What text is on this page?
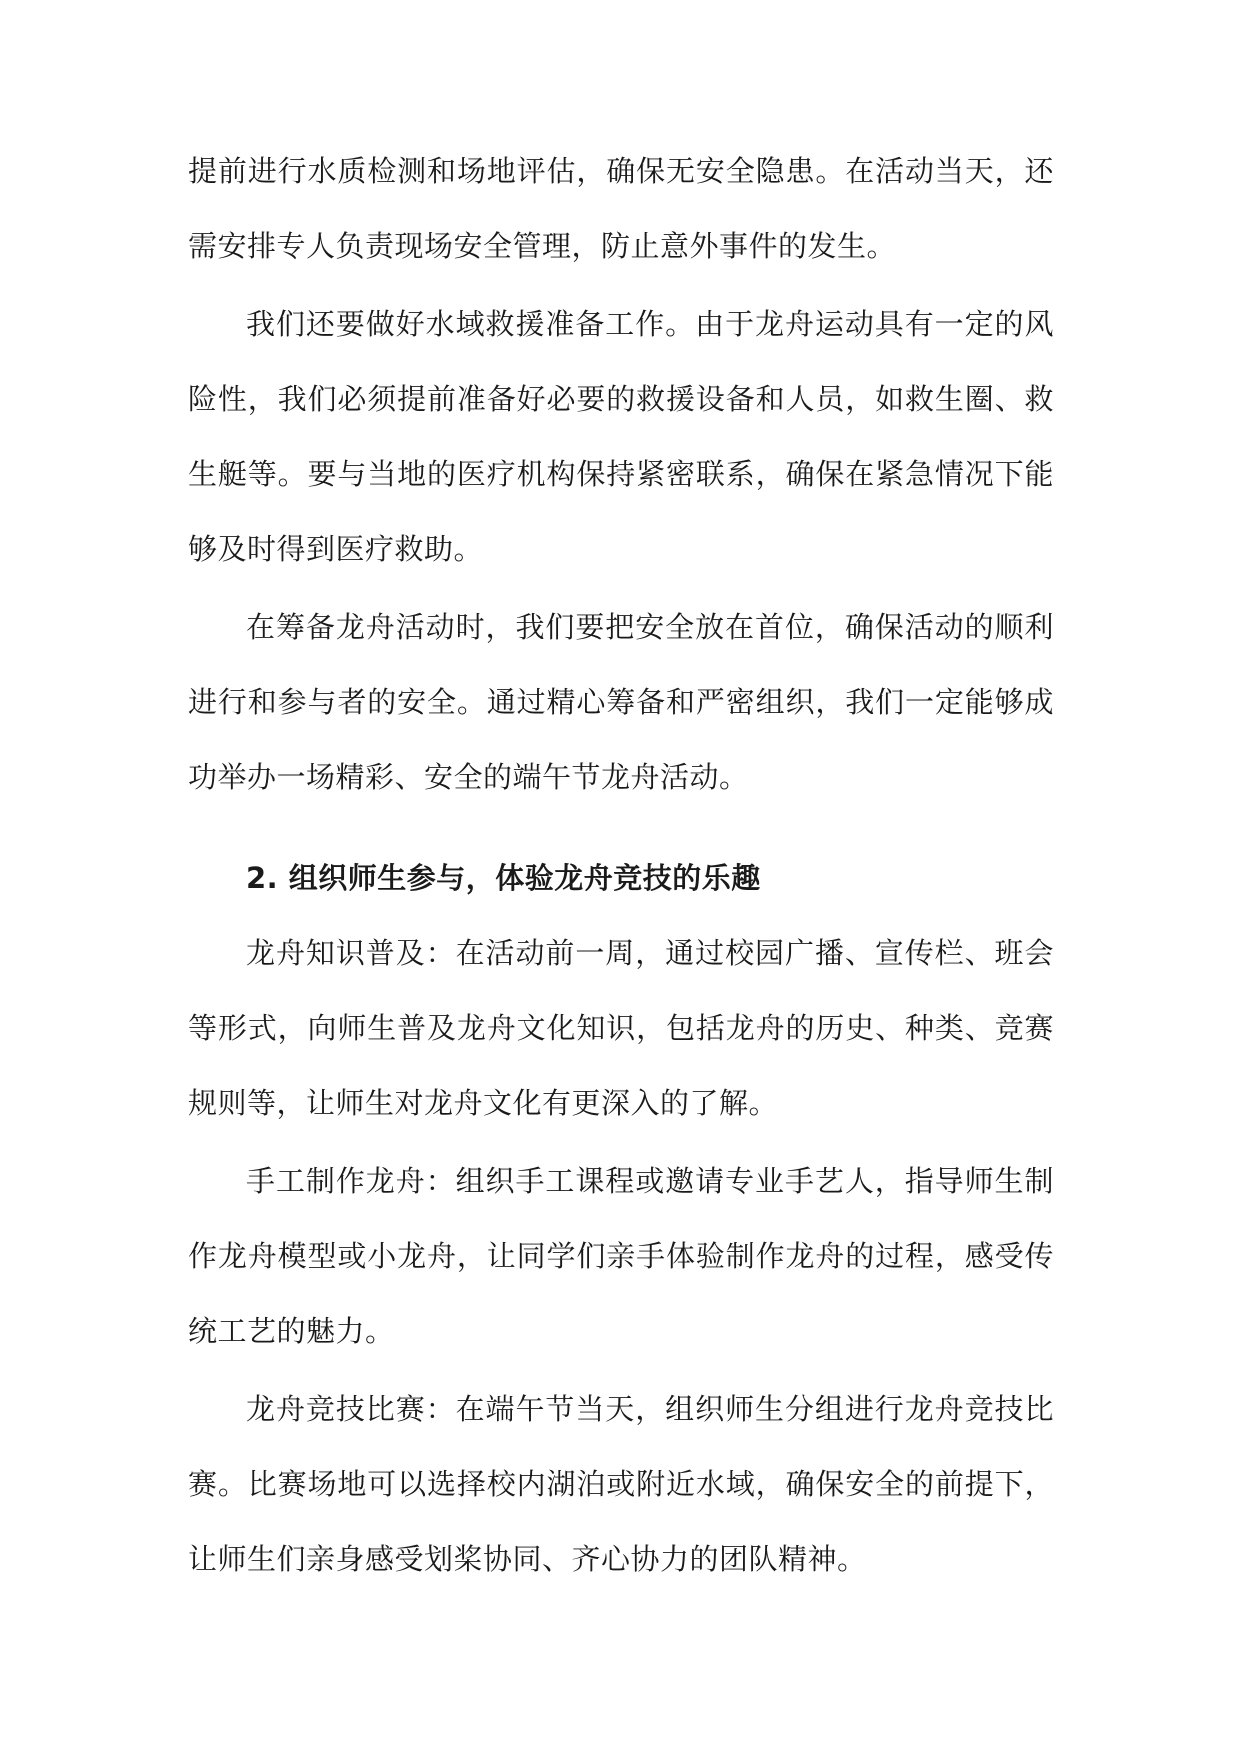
提前进行水质检测和场地评估，确保无安全隐患。在活动当天，还需安排专人负责现场安全管理，防止意外事件的发生。

我们还要做好水域救援准备工作。由于龙舟运动具有一定的风险性，我们必须提前准备好必要的救援设备和人员，如救生圈、救生艇等。要与当地的医疗机构保持紧密联系，确保在紧急情况下能够及时得到医疗救助。

在筹备龙舟活动时，我们要把安全放在首位，确保活动的顺利进行和参与者的安全。通过精心筹备和严密组织，我们一定能够成功举办一场精彩、安全的端午节龙舟活动。

2. 组织师生参与，体验龙舟竞技的乐趣

龙舟知识普及：在活动前一周，通过校园广播、宣传栏、班会等形式，向师生普及龙舟文化知识，包括龙舟的历史、种类、竞赛规则等，让师生对龙舟文化有更深入的了解。

手工制作龙舟：组织手工课程或邀请专业手艺人，指导师生制作龙舟模型或小龙舟，让同学们亲手体验制作龙舟的过程，感受传统工艺的魅力。

龙舟竞技比赛：在端午节当天，组织师生分组进行龙舟竞技比赛。比赛场地可以选择校内湖泊或附近水域，确保安全的前提下，让师生们亲身感受划桨协同、齐心协力的团队精神。
